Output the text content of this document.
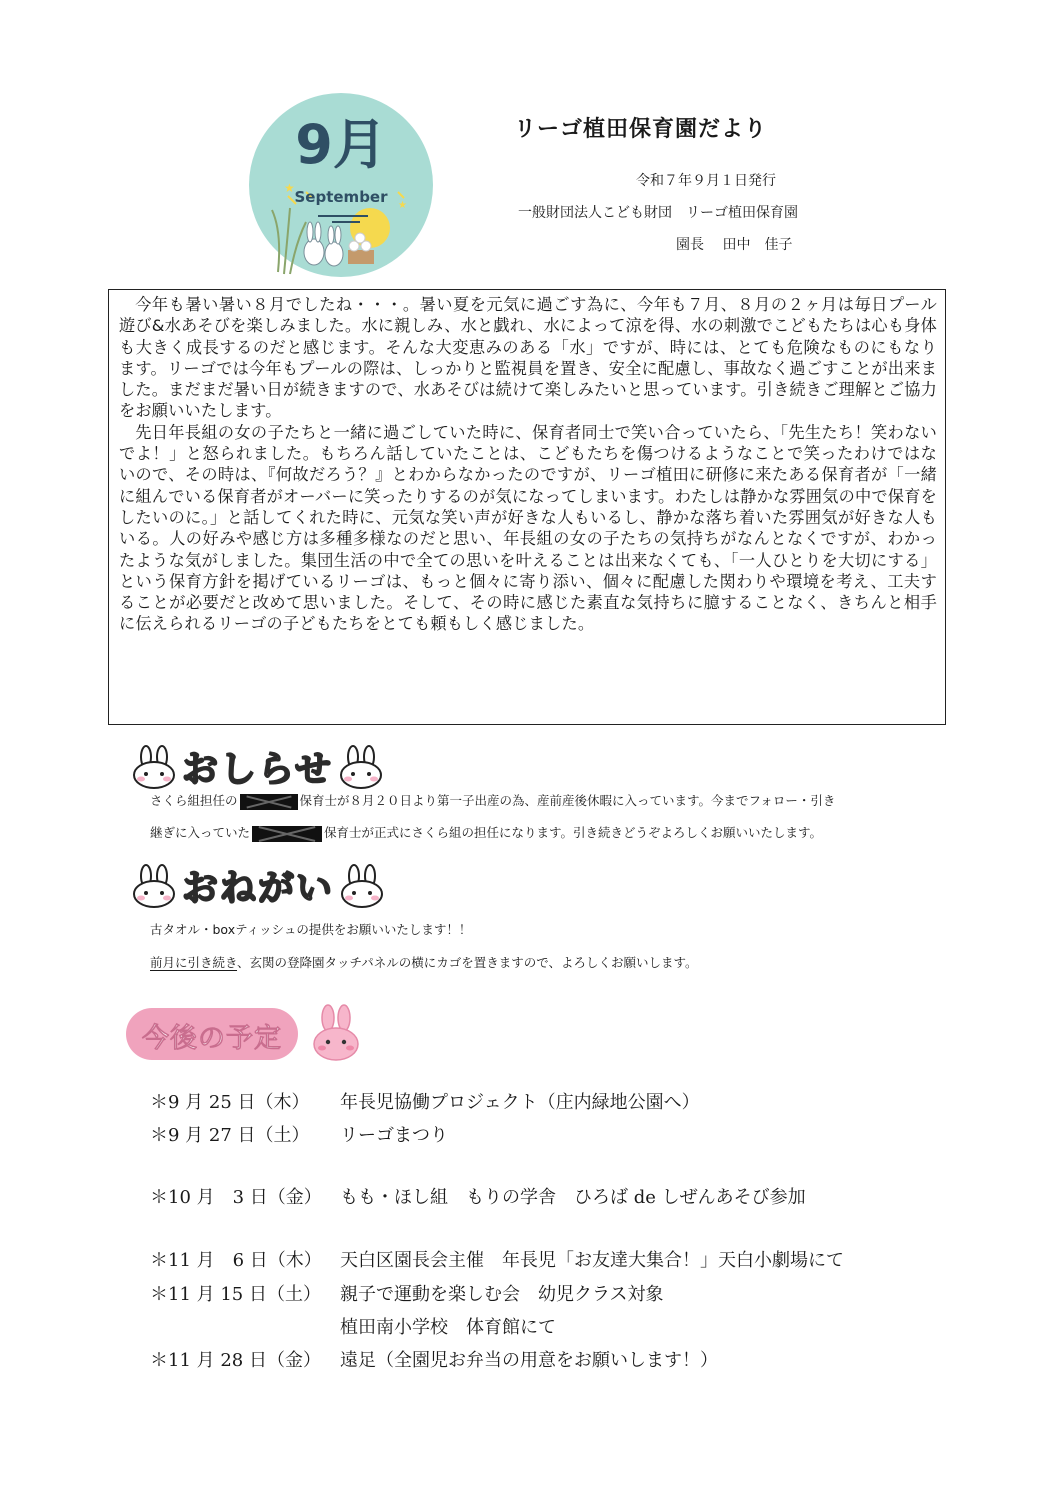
★
★
9月
September
リーゴ植田保育園だより
令和７年９月１日発行
一般財団法人こども財団　リーゴ植田保育園
園長　 田中　佳子

今年も暑い暑い８月でしたね・・・。暑い夏を元気に過ごす為に、今年も７月、８月の２ヶ月は毎日プール遊び&水あそびを楽しみました。水に親しみ、水と戯れ、水によって涼を得、水の刺激でこどもたちは心も身体も大きく成長するのだと感じます。そんな大変恵みのある「水」ですが、時には、とても危険なものにもなります。リーゴでは今年もプールの際は、しっかりと監視員を置き、安全に配慮し、事故なく過ごすことが出来ました。まだまだ暑い日が続きますので、水あそびは続けて楽しみたいと思っています。引き続きご理解とご協力をお願いいたします。

先日年長組の女の子たちと一緒に過ごしていた時に、保育者同士で笑い合っていたら、「先生たち！笑わないでよ！」と怒られました。もちろん話していたことは、こどもたちを傷つけるようなことで笑ったわけではないので、その時は、『何故だろう？』とわからなかったのですが、リーゴ植田に研修に来たある保育者が「一緒に組んでいる保育者がオーバーに笑ったりするのが気になってしまいます。わたしは静かな雰囲気の中で保育をしたいのに。」と話してくれた時に、元気な笑い声が好きな人もいるし、静かな落ち着いた雰囲気が好きな人もいる。人の好みや感じ方は多種多様なのだと思い、年長組の女の子たちの気持ちがなんとなくですが、わかったような気がしました。集団生活の中で全ての思いを叶えることは出来なくても、「一人ひとりを大切にする」という保育方針を掲げているリーゴは、もっと個々に寄り添い、個々に配慮した関わりや環境を考え、工夫することが必要だと改めて思いました。そして、その時に感じた素直な気持ちに臆することなく、きちんと相手に伝えられるリーゴの子どもたちをとても頼もしく感じました。

おしらせ
さくら組担任の	保育士が８月２０日より第一子出産の為、産前産後休暇に入っています。今までフォロー・引き
継ぎに入っていた	保育士が正式にさくら組の担任になります。引き続きどうぞよろしくお願いいたします。
おねがい
古タオル・boxティッシュの提供をお願いいたします！！
前月に引き続き、玄関の登降園タッチパネルの横にカゴを置きますので、よろしくお願いします。
今後の予定
＊9 月 25 日（木）	年長児協働プロジェクト（庄内緑地公園へ）
＊9 月 27 日（土）	リーゴまつり
＊10 月　3 日（金）	もも・ほし組　もりの学舎　ひろば de しぜんあそび参加
＊11 月　6 日（木）	天白区園長会主催　年長児「お友達大集合！」天白小劇場にて
＊11 月 15 日（土）	親子で運動を楽しむ会　幼児クラス対象
植田南小学校　体育館にて
＊11 月 28 日（金）	遠足（全園児お弁当の用意をお願いします！）
